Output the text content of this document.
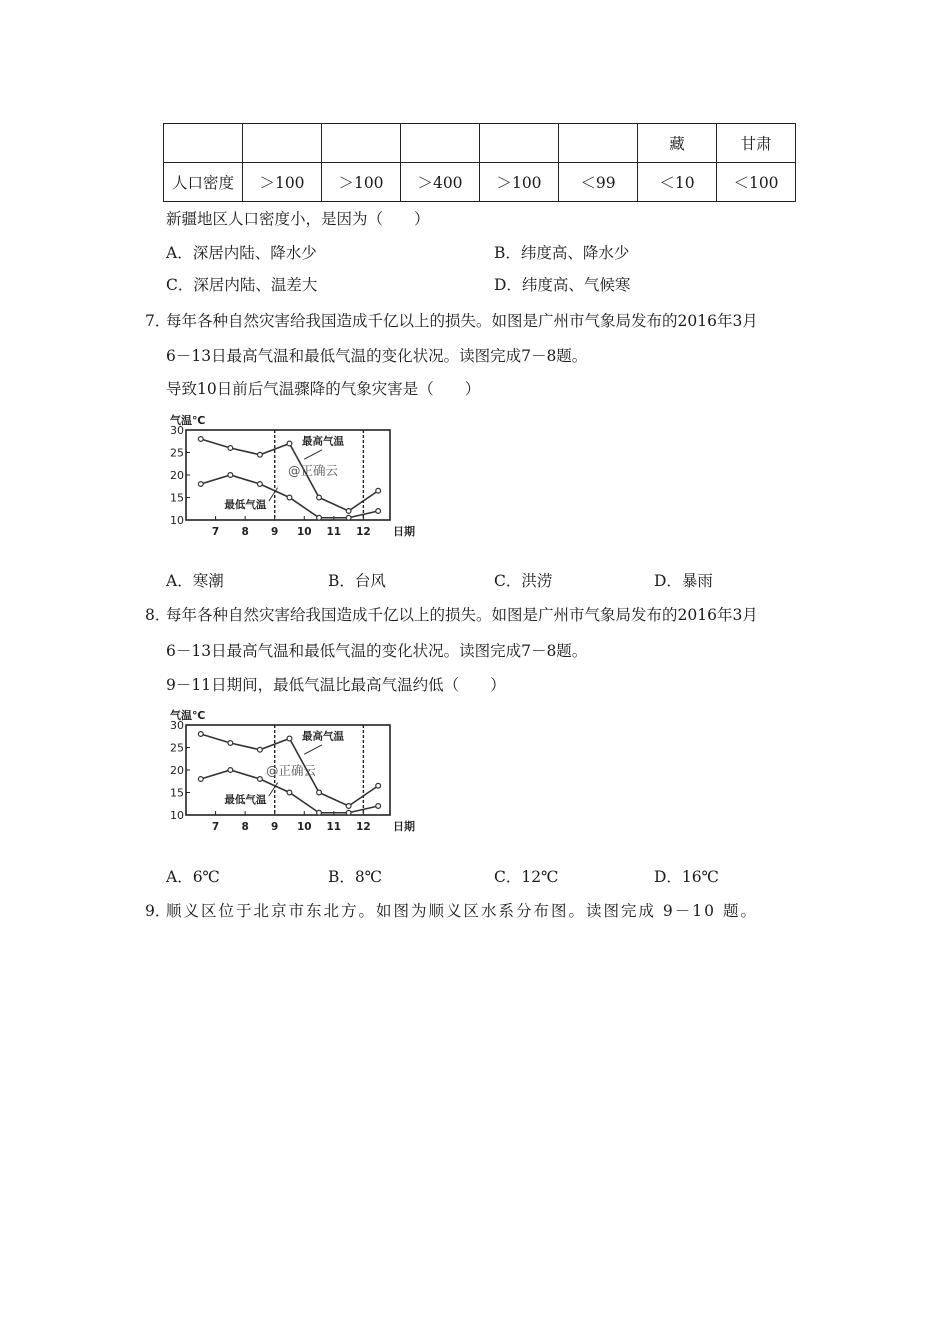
						藏	甘肃
人口密度	＞100	＞100	＞400	＞100	＜99	＜10	＜100
新疆地区人口密度小，是因为（　　）
A．深居内陆、降水少	B．纬度高、降水少
C．深居内陆、温差大	D．纬度高、气候寒
7．
每年各种自然灾害给我国造成千亿以上的损失。如图是广州市气象局发布的2016年3月
6－13日最高气温和最低气温的变化状况。读图完成7－8题。
导致10日前后气温骤降的气象灾害是（　　）
30
25
20
15
10
7 8 9 10 11 12
气温℃
日期
最高气温
最低气温
@正确云
A．寒潮	B．台风	C．洪涝	D．暴雨
8．
每年各种自然灾害给我国造成千亿以上的损失。如图是广州市气象局发布的2016年3月
6－13日最高气温和最低气温的变化状况。读图完成7－8题。
9－11日期间，最低气温比最高气温约低（　　）
30
25
20
15
10
7 8 9 10 11 12
气温℃
日期
最高气温
最低气温
@正确云
A．6℃	B．8℃	C．12℃	D．16℃
9．
顺义区位于北京市东北方。如图为顺义区水系分布图。读图完成 9－10 题。
